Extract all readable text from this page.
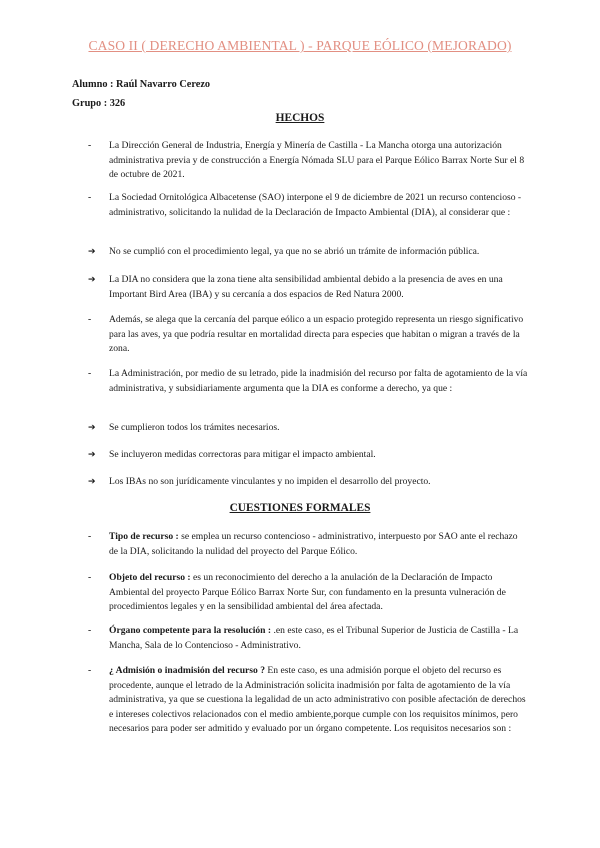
CASO II ( DERECHO AMBIENTAL ) - PARQUE EÓLICO (MEJORADO)
Alumno : Raúl Navarro Cerezo
Grupo : 326
HECHOS
-	La Dirección General de Industria, Energía y Minería de Castilla - La Mancha otorga una autorización administrativa previa y de construcción a Energía Nómada SLU para el Parque Eólico Barrax Norte Sur el 8 de octubre de 2021.
-	La Sociedad Ornitológica Albacetense (SAO) interpone el 9 de diciembre de 2021 un recurso contencioso - administrativo, solicitando la nulidad de la Declaración de Impacto Ambiental (DIA), al considerar que :
➔	No se cumplió con el procedimiento legal, ya que no se abrió un trámite de información pública.
➔	La DIA no considera que la zona tiene alta sensibilidad ambiental debido a la presencia de aves en una Important Bird Area (IBA) y su cercanía a dos espacios de Red Natura 2000.
-	Además, se alega que la cercanía del parque eólico a un espacio protegido representa un riesgo significativo para las aves, ya que podría resultar en mortalidad directa para especies que habitan o migran a través de la zona.
-	La Administración, por medio de su letrado, pide la inadmisión del recurso por falta de agotamiento de la vía administrativa, y subsidiariamente argumenta que la DIA es conforme a derecho, ya que :
➔	Se cumplieron todos los trámites necesarios.
➔	Se incluyeron medidas correctoras para mitigar el impacto ambiental.
➔	Los IBAs no son jurídicamente vinculantes y no impiden el desarrollo del proyecto.
CUESTIONES FORMALES
-	Tipo de recurso : se emplea un recurso contencioso - administrativo, interpuesto por SAO ante el rechazo de la DIA, solicitando la nulidad del proyecto del Parque Eólico.
-	Objeto del recurso : es un reconocimiento del derecho a la anulación de la Declaración de Impacto Ambiental del proyecto Parque Eólico Barrax Norte Sur, con fundamento en la presunta vulneración de procedimientos legales y en la sensibilidad ambiental del área afectada.
-	Órgano competente para la resolución : .en este caso, es el Tribunal Superior de Justicia de Castilla - La Mancha, Sala de lo Contencioso - Administrativo.
-	¿ Admisión o inadmisión del recurso ? En este caso, es una admisión porque el objeto del recurso es procedente, aunque el letrado de la Administración solicita inadmisión por falta de agotamiento de la vía administrativa, ya que se cuestiona la legalidad de un acto administrativo con posible afectación de derechos e intereses colectivos relacionados con el medio ambiente,porque cumple con los requisitos mínimos, pero necesarios para poder ser admitido y evaluado por un órgano competente. Los requisitos necesarios son :
